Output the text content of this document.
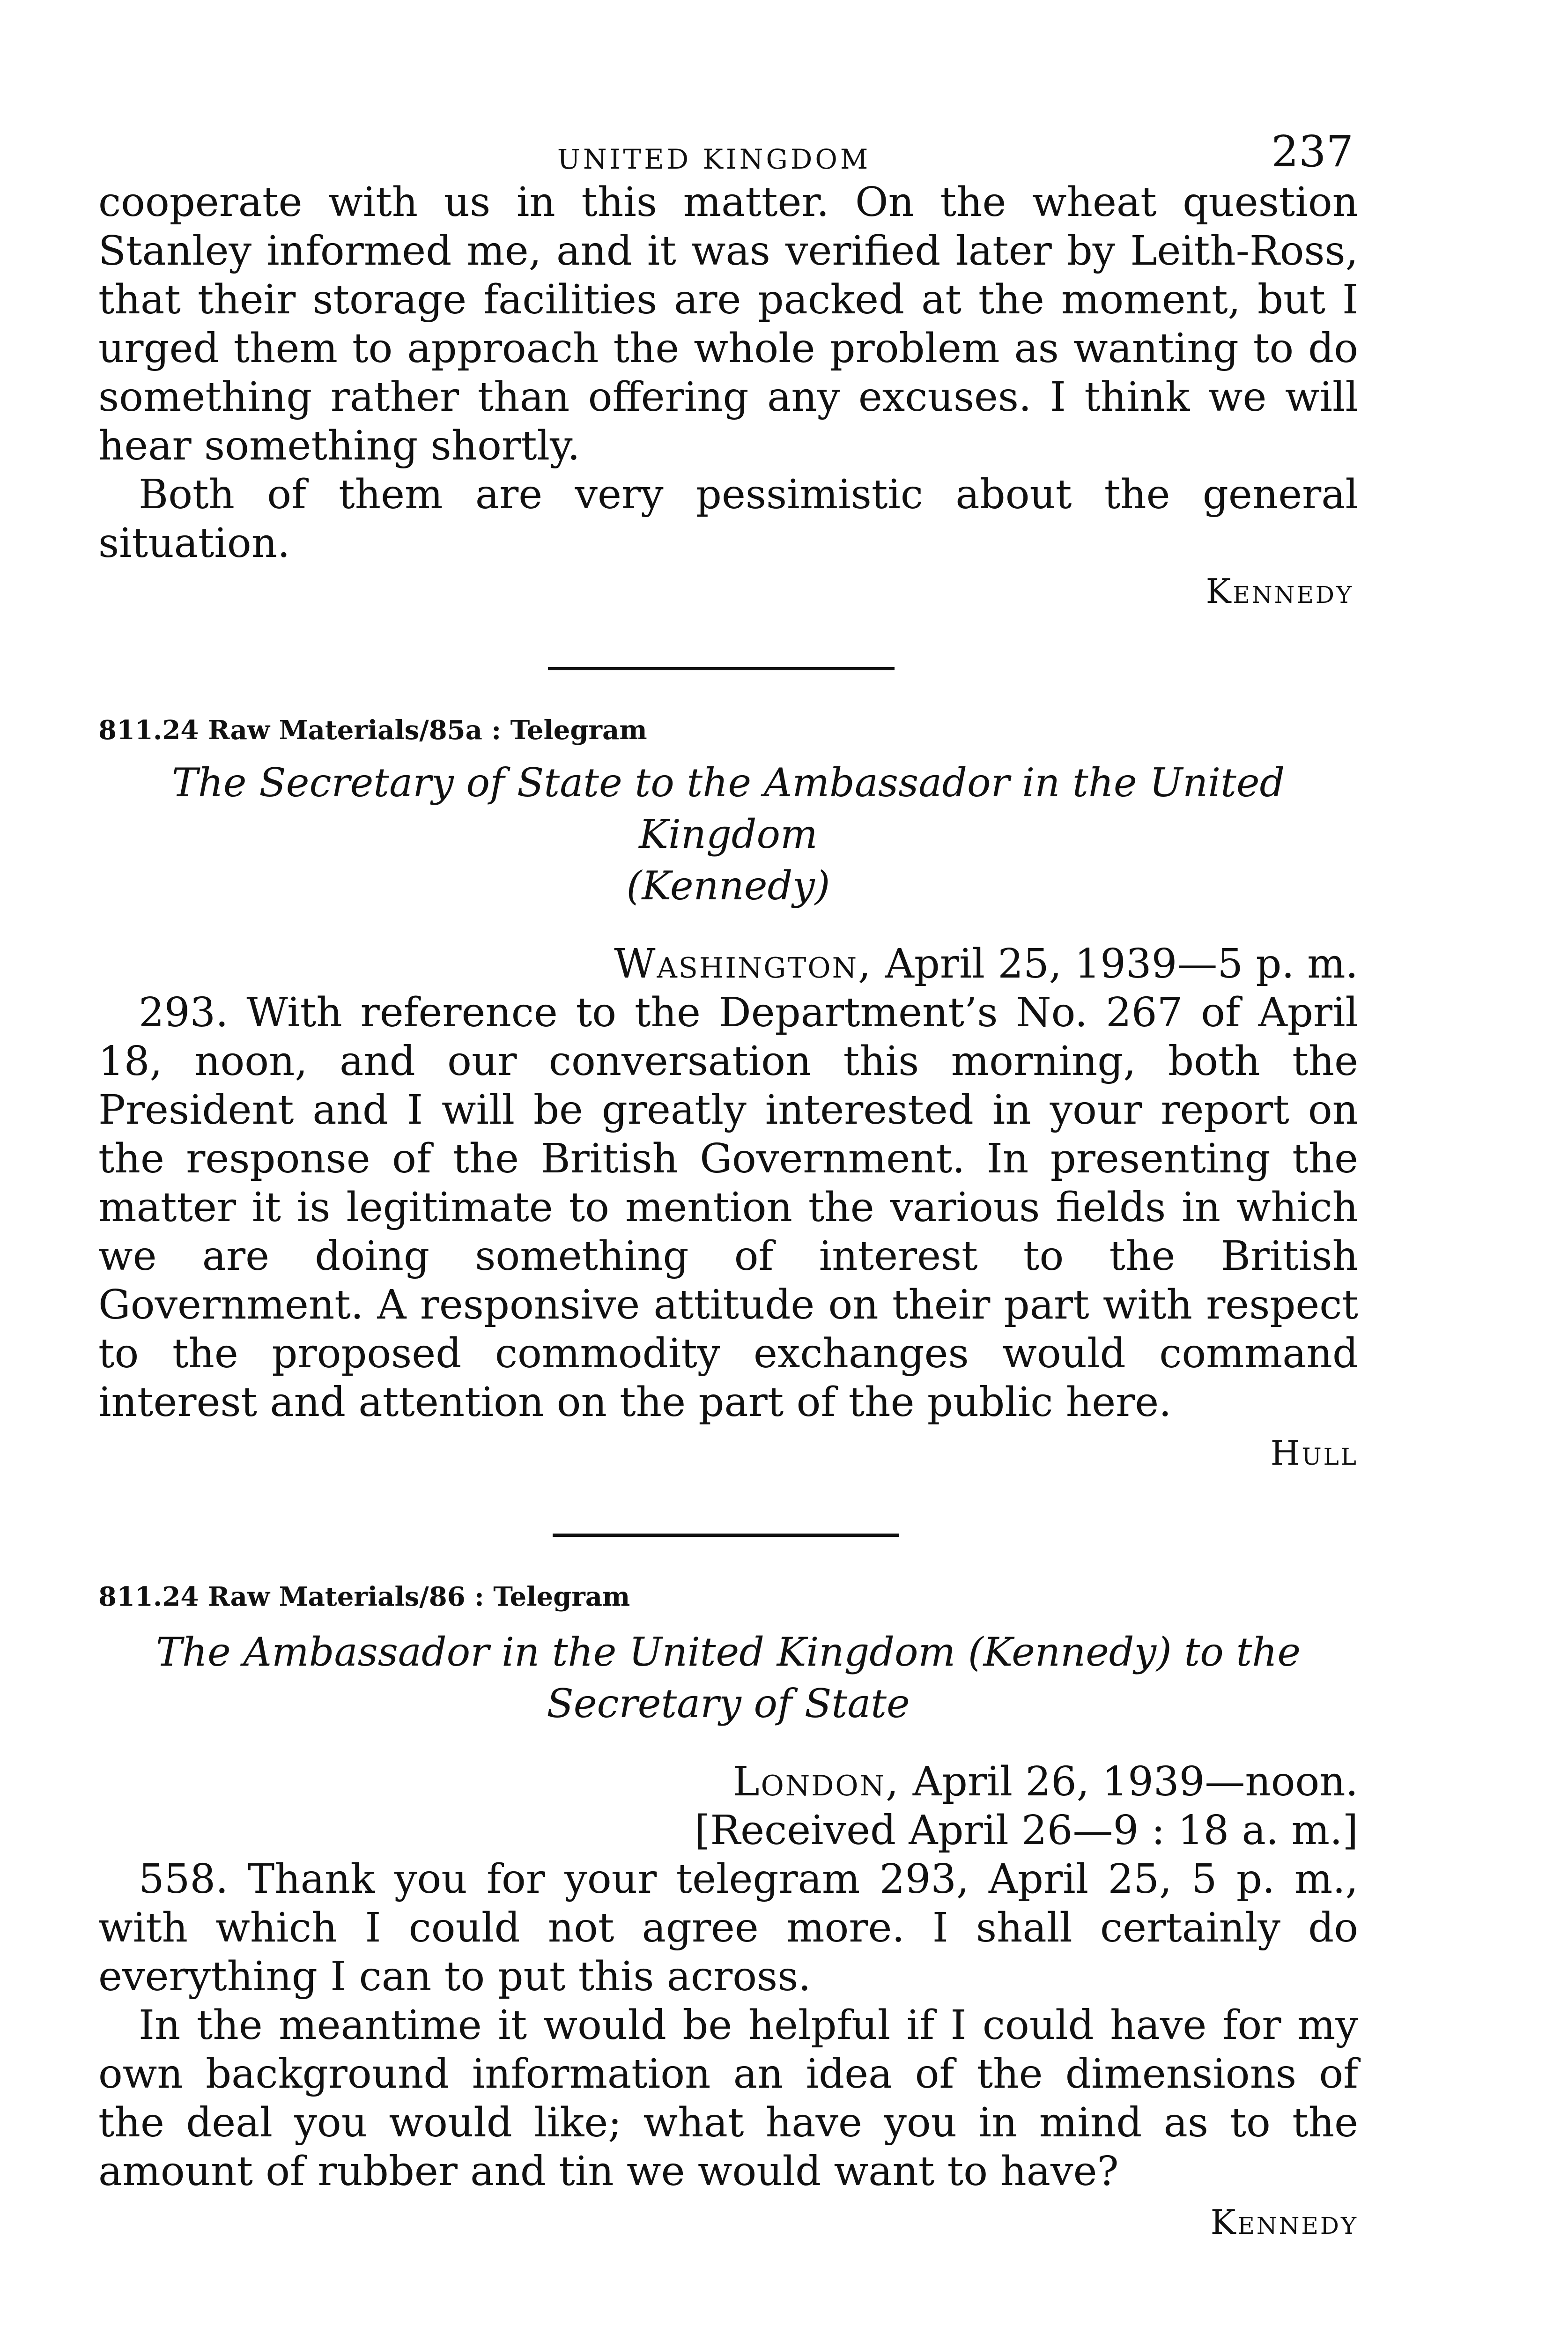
UNITED KINGDOM	237

cooperate with us in this matter. On the wheat question Stanley informed me, and it was verified later by Leith-Ross, that their storage facilities are packed at the moment, but I urged them to approach the whole problem as wanting to do something rather than offering any excuses. I think we will hear something shortly.

Both of them are very pessimistic about the general situation.

Kennedy

811.24 Raw Materials/85a : Telegram

The Secretary of State to the Ambassador in the United Kingdom

(Kennedy)

Washington, April 25, 1939—5 p. m.

293. With reference to the Department’s No. 267 of April 18, noon, and our conversation this morning, both the President and I will be greatly interested in your report on the response of the British Government. In presenting the matter it is legitimate to mention the various fields in which we are doing something of interest to the British Government. A responsive attitude on their part with respect to the proposed commodity exchanges would command interest and attention on the part of the public here.

Hull

811.24 Raw Materials/86 : Telegram

The Ambassador in the United Kingdom (Kennedy) to the

Secretary of State

London, April 26, 1939—noon.

[Received April 26—9 : 18 a. m.]

558. Thank you for your telegram 293, April 25, 5 p. m., with which I could not agree more. I shall certainly do everything I can to put this across.

In the meantime it would be helpful if I could have for my own background information an idea of the dimensions of the deal you would like; what have you in mind as to the amount of rubber and tin we would want to have?

Kennedy
